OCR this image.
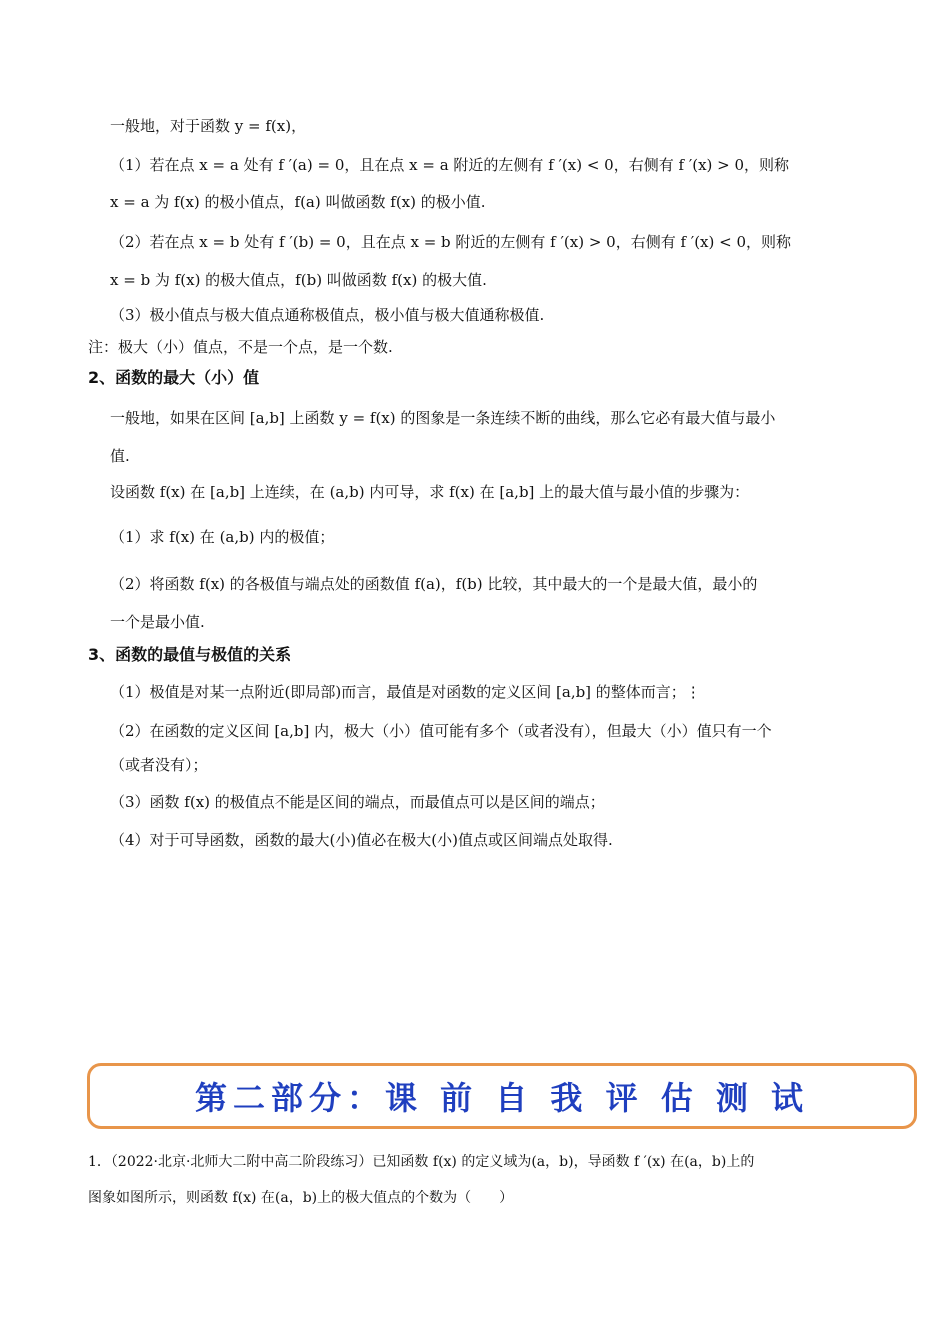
一般地，对于函数 y = f(x)，
（1）若在点 x = a 处有 f ′(a) = 0，且在点 x = a 附近的左侧有 f ′(x) < 0，右侧有 f ′(x) > 0，则称
x = a 为 f(x) 的极小值点，f(a) 叫做函数 f(x) 的极小值.
（2）若在点 x = b 处有 f ′(b) = 0，且在点 x = b 附近的左侧有 f ′(x) > 0，右侧有 f ′(x) < 0，则称
x = b 为 f(x) 的极大值点，f(b) 叫做函数 f(x) 的极大值.
（3）极小值点与极大值点通称极值点，极小值与极大值通称极值.
注：极大（小）值点，不是一个点，是一个数.
2、函数的最大（小）值
一般地，如果在区间 [a,b] 上函数 y = f(x) 的图象是一条连续不断的曲线，那么它必有最大值与最小
值.
设函数 f(x) 在 [a,b] 上连续，在 (a,b) 内可导，求 f(x) 在 [a,b] 上的最大值与最小值的步骤为：
（1）求 f(x) 在 (a,b) 内的极值；
（2）将函数 f(x) 的各极值与端点处的函数值 f(a)，f(b) 比较，其中最大的一个是最大值，最小的
一个是最小值.
3、函数的最值与极值的关系
（1）极值是对某一点附近(即局部)而言，最值是对函数的定义区间 [a,b] 的整体而言；⋮
（2）在函数的定义区间 [a,b] 内，极大（小）值可能有多个（或者没有），但最大（小）值只有一个
（或者没有）；
（3）函数 f(x) 的极值点不能是区间的端点，而最值点可以是区间的端点；
（4）对于可导函数，函数的最大(小)值必在极大(小)值点或区间端点处取得.
第二部分：课 前 自 我 评 估 测 试
1．（2022·北京·北师大二附中高二阶段练习）已知函数 f(x) 的定义域为(a，b)，导函数 f ′(x) 在(a，b)上的
图象如图所示，则函数 f(x) 在(a，b)上的极大值点的个数为（　　）
